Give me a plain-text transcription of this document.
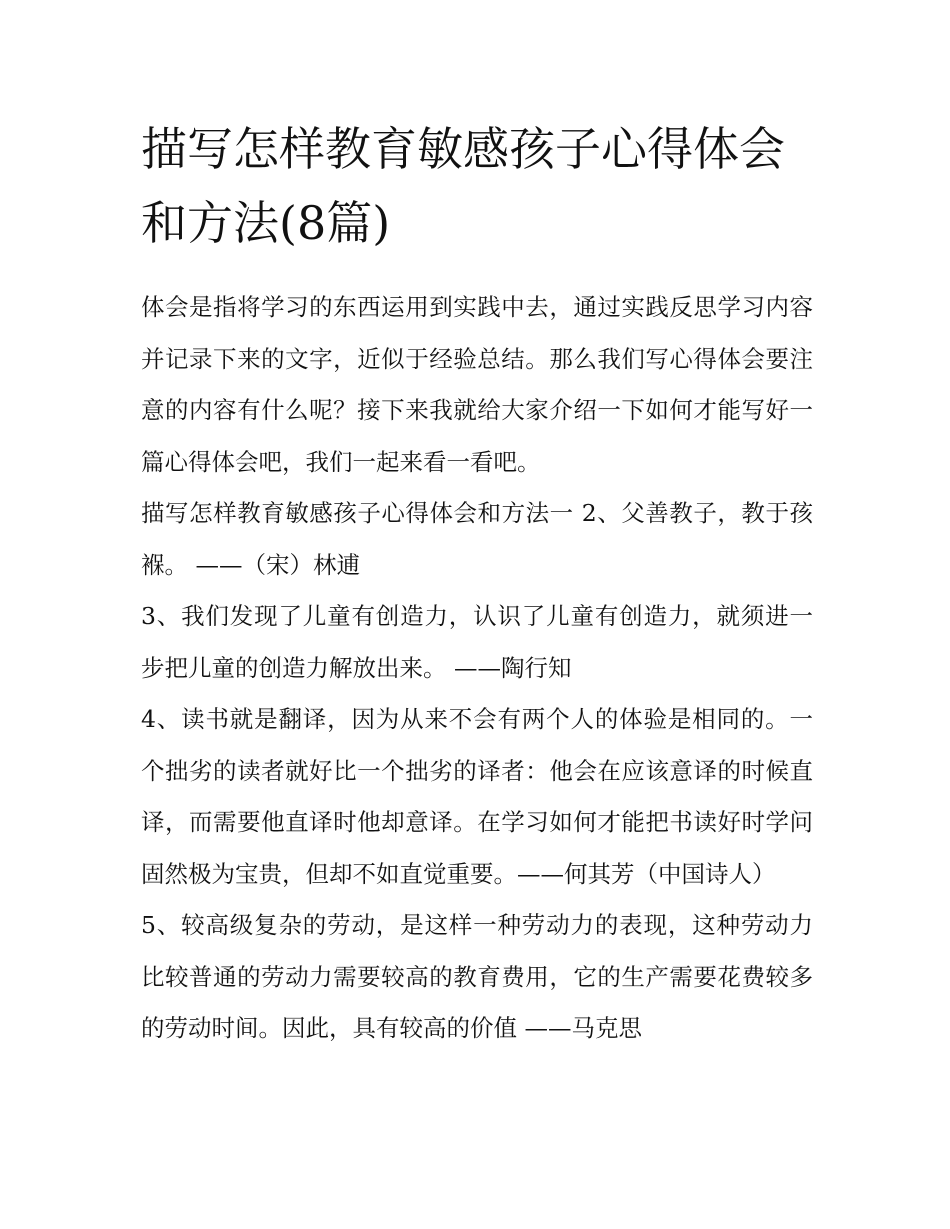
描写怎样教育敏感孩子心得体会和方法(8篇)

体会是指将学习的东西运用到实践中去，通过实践反思学习内容并记录下来的文字，近似于经验总结。那么我们写心得体会要注意的内容有什么呢？接下来我就给大家介绍一下如何才能写好一篇心得体会吧，我们一起来看一看吧。

描写怎样教育敏感孩子心得体会和方法一 2、父善教子，教于孩褓。 ——（宋）林逋

3、我们发现了儿童有创造力，认识了儿童有创造力，就须进一步把儿童的创造力解放出来。 ——陶行知

4、读书就是翻译，因为从来不会有两个人的体验是相同的。一个拙劣的读者就好比一个拙劣的译者：他会在应该意译的时候直译，而需要他直译时他却意译。在学习如何才能把书读好时学问固然极为宝贵，但却不如直觉重要。——何其芳（中国诗人）

5、较高级复杂的劳动，是这样一种劳动力的表现，这种劳动力比较普通的劳动力需要较高的教育费用，它的生产需要花费较多的劳动时间。因此，具有较高的价值 ——马克思
